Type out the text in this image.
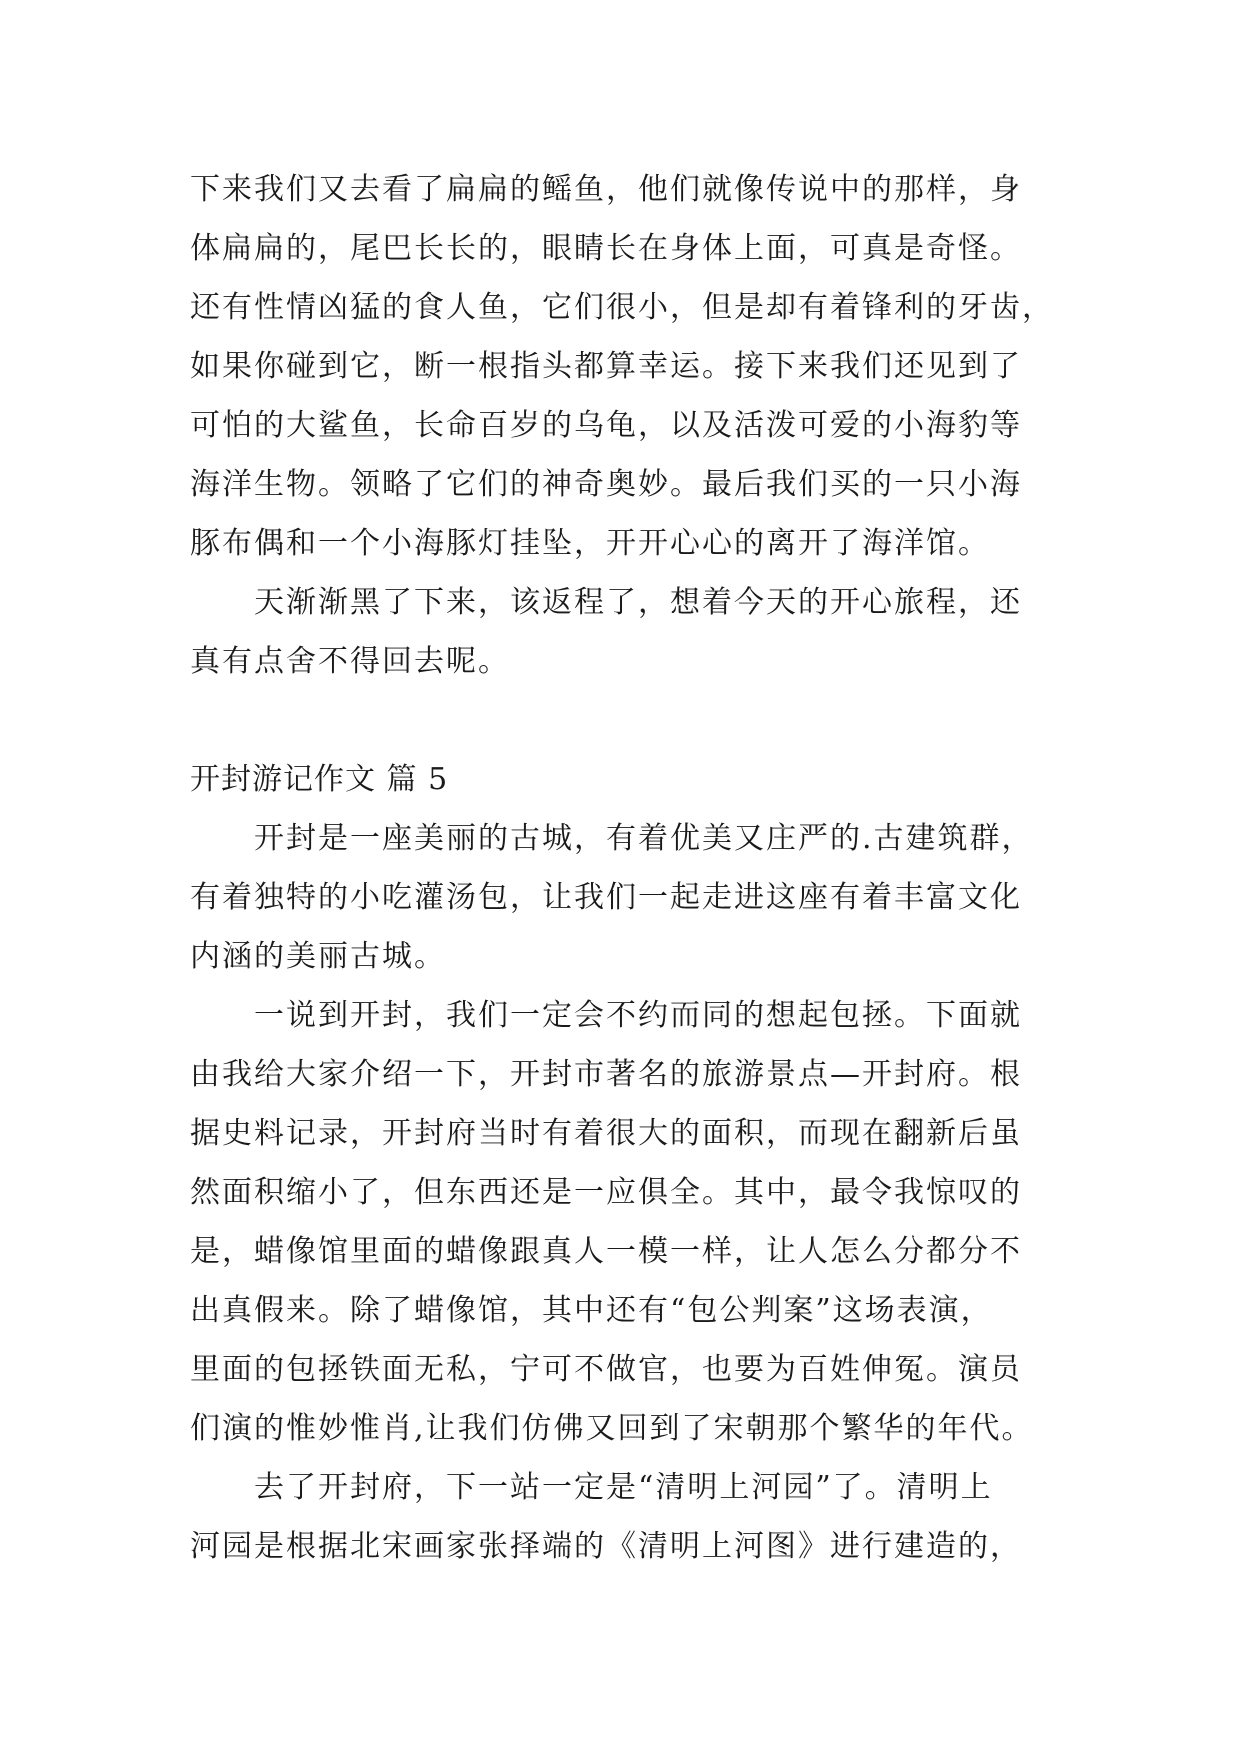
下来我们又去看了扁扁的鳐鱼，他们就像传说中的那样，身
体扁扁的，尾巴长长的，眼睛长在身体上面，可真是奇怪。
还有性情凶猛的食人鱼，它们很小，但是却有着锋利的牙齿，
如果你碰到它，断一根指头都算幸运。接下来我们还见到了
可怕的大鲨鱼，长命百岁的乌龟，以及活泼可爱的小海豹等
海洋生物。领略了它们的神奇奥妙。最后我们买的一只小海
豚布偶和一个小海豚灯挂坠，开开心心的离开了海洋馆。
天渐渐黑了下来，该返程了，想着今天的开心旅程，还
真有点舍不得回去呢。
开封游记作文 篇 5
开封是一座美丽的古城，有着优美又庄严的.古建筑群，
有着独特的小吃灌汤包，让我们一起走进这座有着丰富文化
内涵的美丽古城。
一说到开封，我们一定会不约而同的想起包拯。下面就
由我给大家介绍一下，开封市著名的旅游景点—开封府。根
据史料记录，开封府当时有着很大的面积，而现在翻新后虽
然面积缩小了，但东西还是一应俱全。其中，最令我惊叹的
是，蜡像馆里面的蜡像跟真人一模一样，让人怎么分都分不
出真假来。除了蜡像馆，其中还有“包公判案”这场表演，
里面的包拯铁面无私，宁可不做官，也要为百姓伸冤。演员
们演的惟妙惟肖,让我们仿佛又回到了宋朝那个繁华的年代。
去了开封府，下一站一定是“清明上河园”了。清明上
河园是根据北宋画家张择端的《清明上河图》进行建造的，
